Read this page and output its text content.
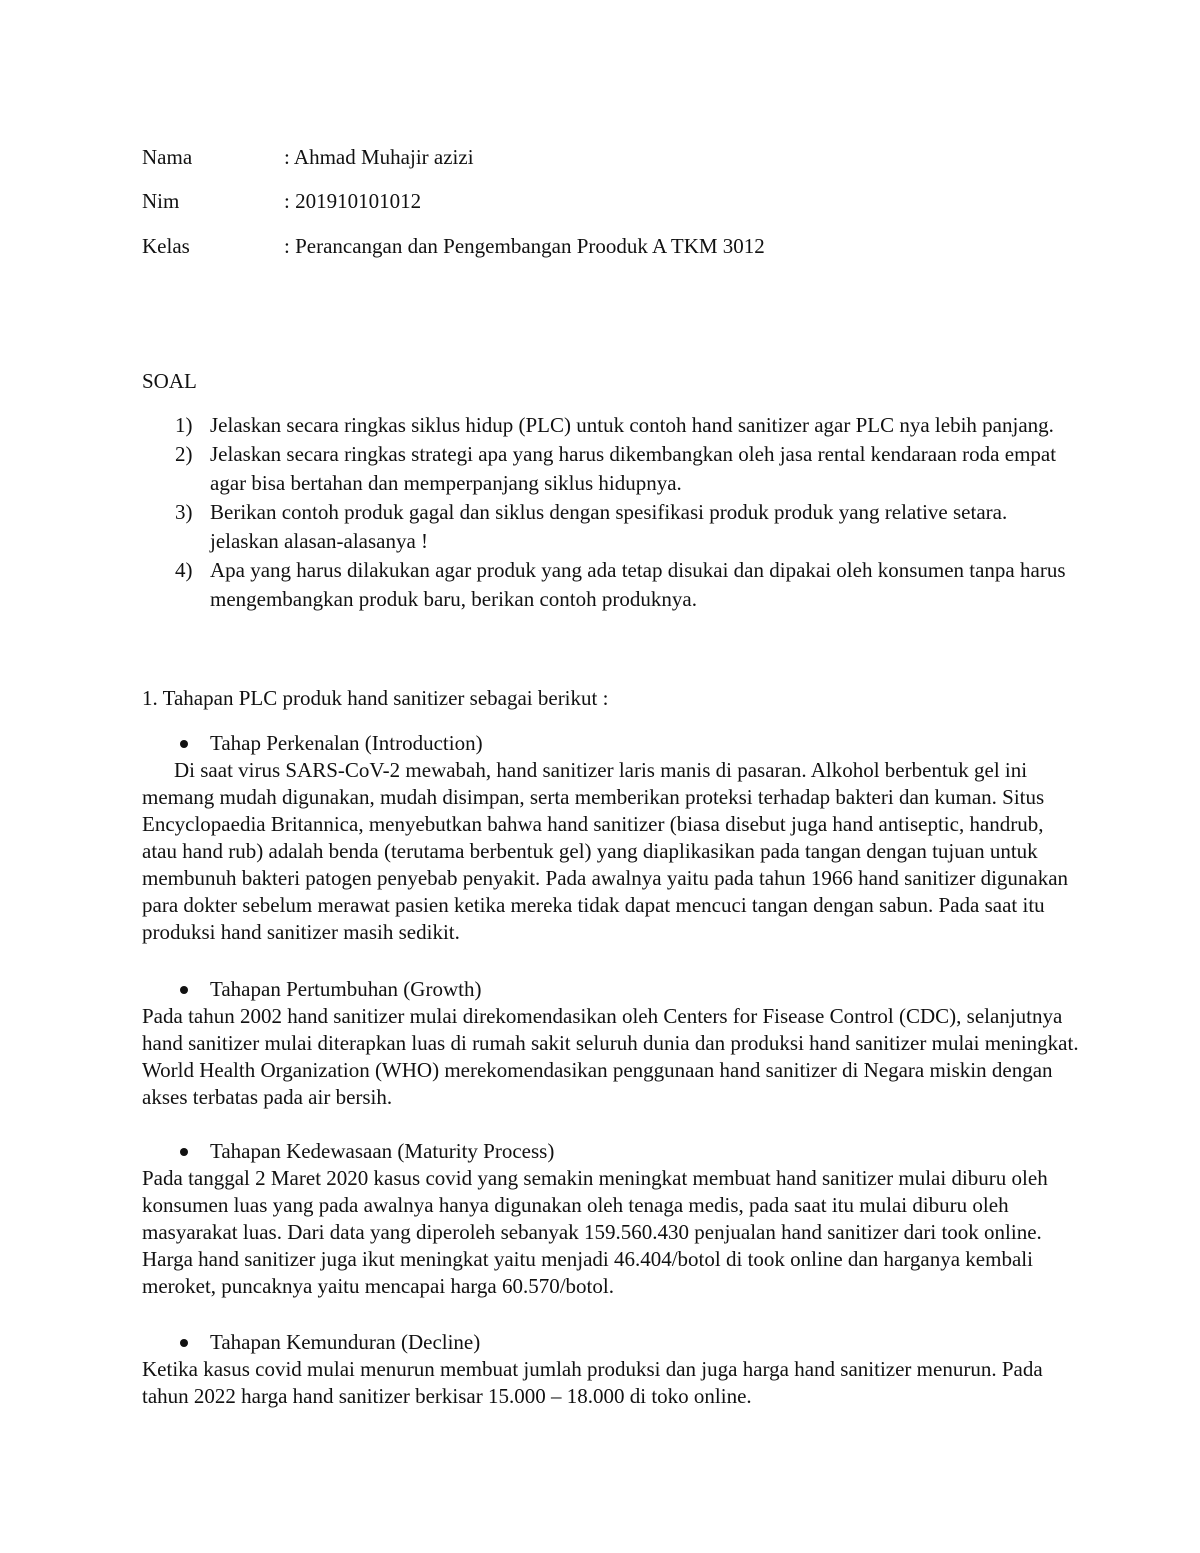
Nama	: Ahmad Muhajir azizi
Nim	: 201910101012
Kelas	: Perancangan dan Pengembangan Prooduk A TKM 3012
SOAL
1) Jelaskan secara ringkas siklus hidup (PLC) untuk contoh hand sanitizer agar PLC nya lebih panjang.
2) Jelaskan secara ringkas strategi apa yang harus dikembangkan oleh jasa rental kendaraan roda empat agar bisa bertahan dan memperpanjang siklus hidupnya.
3) Berikan contoh produk gagal dan siklus dengan spesifikasi produk produk yang relative setara. jelaskan alasan-alasanya !
4) Apa yang harus dilakukan agar produk yang ada tetap disukai dan dipakai oleh konsumen tanpa harus mengembangkan produk baru, berikan contoh produknya.
1. Tahapan PLC produk hand sanitizer sebagai berikut :
Tahap Perkenalan (Introduction)

Di saat virus SARS-CoV-2 mewabah, hand sanitizer laris manis di pasaran. Alkohol berbentuk gel ini memang mudah digunakan, mudah disimpan, serta memberikan proteksi terhadap bakteri dan kuman. Situs Encyclopaedia Britannica, menyebutkan bahwa hand sanitizer (biasa disebut juga hand antiseptic, handrub, atau hand rub) adalah benda (terutama berbentuk gel) yang diaplikasikan pada tangan dengan tujuan untuk membunuh bakteri patogen penyebab penyakit. Pada awalnya yaitu pada tahun 1966 hand sanitizer digunakan para dokter sebelum merawat pasien ketika mereka tidak dapat mencuci tangan dengan sabun. Pada saat itu produksi hand sanitizer masih sedikit.

Tahapan Pertumbuhan (Growth)

Pada tahun 2002 hand sanitizer mulai direkomendasikan oleh Centers for Fisease Control (CDC), selanjutnya hand sanitizer mulai diterapkan luas di rumah sakit seluruh dunia dan produksi hand sanitizer mulai meningkat. World Health Organization (WHO) merekomendasikan penggunaan hand sanitizer di Negara miskin dengan akses terbatas pada air bersih.

Tahapan Kedewasaan (Maturity Process)

Pada tanggal 2 Maret 2020 kasus covid yang semakin meningkat membuat hand sanitizer mulai diburu oleh konsumen luas yang pada awalnya hanya digunakan oleh tenaga medis, pada saat itu mulai diburu oleh masyarakat luas. Dari data yang diperoleh sebanyak 159.560.430 penjualan hand sanitizer dari took online. Harga hand sanitizer juga ikut meningkat yaitu menjadi 46.404/botol di took online dan harganya kembali meroket, puncaknya yaitu mencapai harga 60.570/botol.

Tahapan Kemunduran (Decline)

Ketika kasus covid mulai menurun membuat jumlah produksi dan juga harga hand sanitizer menurun. Pada tahun 2022 harga hand sanitizer berkisar 15.000 – 18.000 di toko online.
